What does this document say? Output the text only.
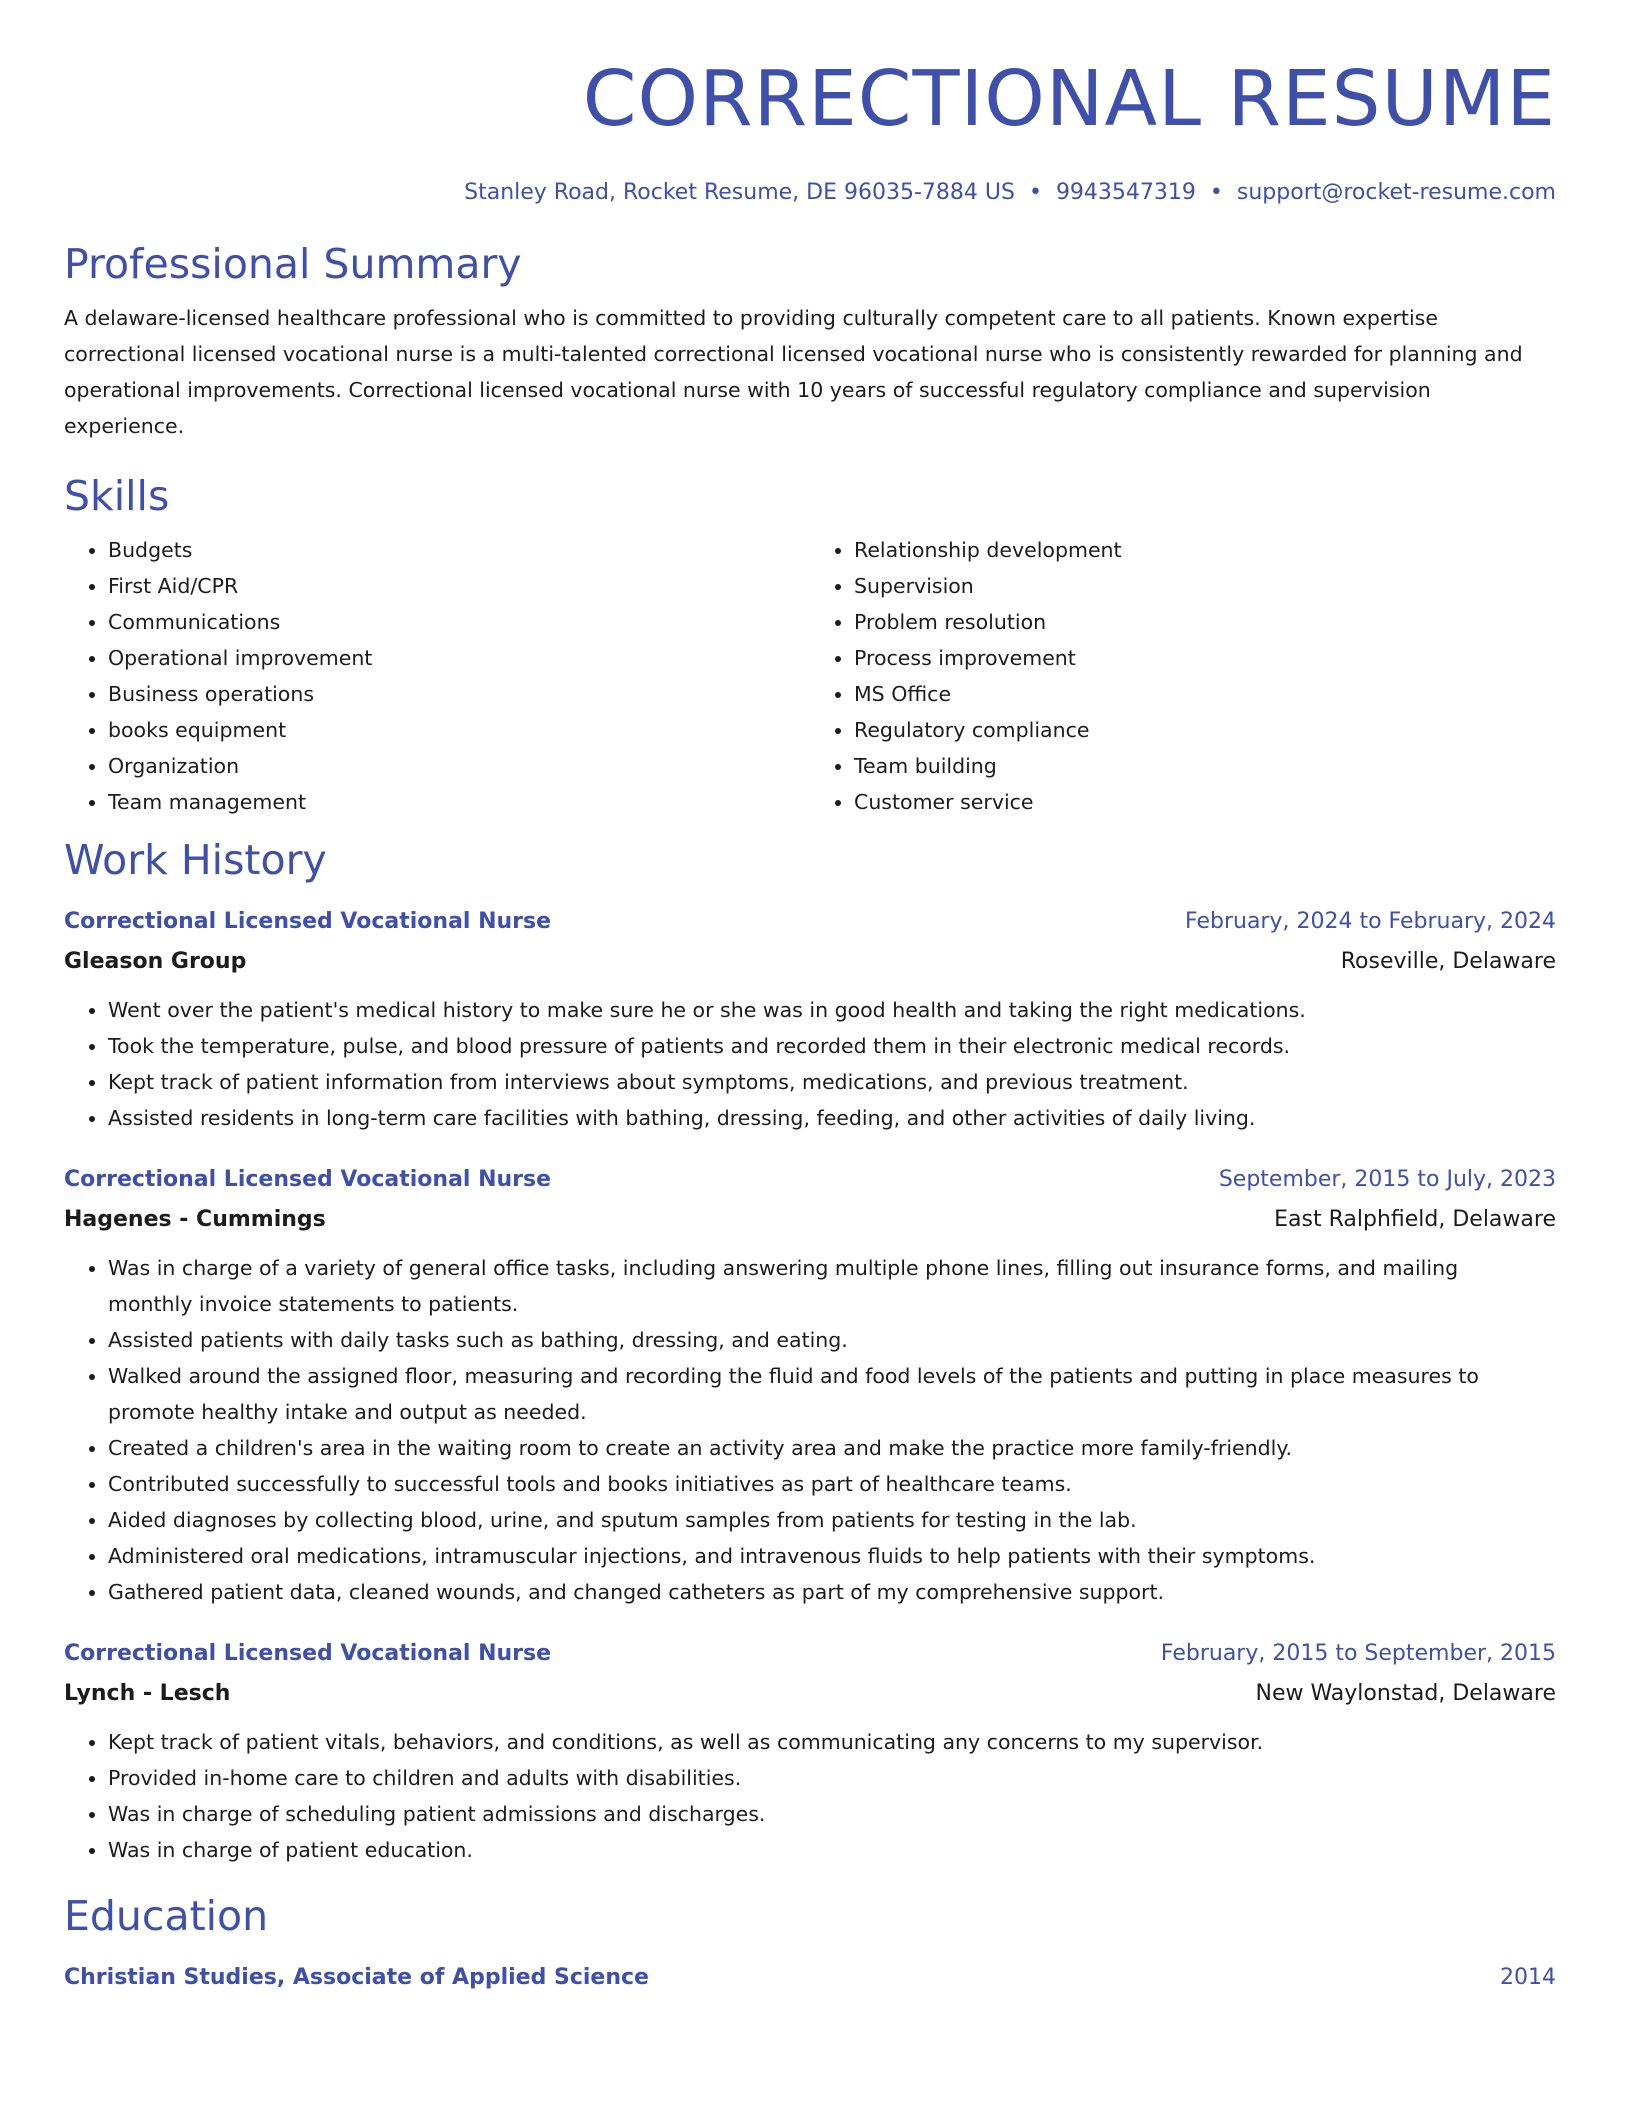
CORRECTIONAL RESUME
Stanley Road, Rocket Resume, DE 96035-7884 US • 9943547319 • support@rocket-resume.com
Professional Summary
A delaware-licensed healthcare professional who is committed to providing culturally competent care to all patients. Known expertise correctional licensed vocational nurse is a multi-talented correctional licensed vocational nurse who is consistently rewarded for planning and operational improvements. Correctional licensed vocational nurse with 10 years of successful regulatory compliance and supervision experience.
Skills
• Budgets
• First Aid/CPR
• Communications
• Operational improvement
• Business operations
• books equipment
• Organization
• Team management
• Relationship development
• Supervision
• Problem resolution
• Process improvement
• MS Office
• Regulatory compliance
• Team building
• Customer service
Work History
Correctional Licensed Vocational Nurse	February, 2024 to February, 2024
Gleason Group	Roseville, Delaware
• Went over the patient's medical history to make sure he or she was in good health and taking the right medications.
• Took the temperature, pulse, and blood pressure of patients and recorded them in their electronic medical records.
• Kept track of patient information from interviews about symptoms, medications, and previous treatment.
• Assisted residents in long-term care facilities with bathing, dressing, feeding, and other activities of daily living.
Correctional Licensed Vocational Nurse	September, 2015 to July, 2023
Hagenes - Cummings	East Ralphfield, Delaware
• Was in charge of a variety of general office tasks, including answering multiple phone lines, filling out insurance forms, and mailing monthly invoice statements to patients.
• Assisted patients with daily tasks such as bathing, dressing, and eating.
• Walked around the assigned floor, measuring and recording the fluid and food levels of the patients and putting in place measures to promote healthy intake and output as needed.
• Created a children's area in the waiting room to create an activity area and make the practice more family-friendly.
• Contributed successfully to successful tools and books initiatives as part of healthcare teams.
• Aided diagnoses by collecting blood, urine, and sputum samples from patients for testing in the lab.
• Administered oral medications, intramuscular injections, and intravenous fluids to help patients with their symptoms.
• Gathered patient data, cleaned wounds, and changed catheters as part of my comprehensive support.
Correctional Licensed Vocational Nurse	February, 2015 to September, 2015
Lynch - Lesch	New Waylonstad, Delaware
• Kept track of patient vitals, behaviors, and conditions, as well as communicating any concerns to my supervisor.
• Provided in-home care to children and adults with disabilities.
• Was in charge of scheduling patient admissions and discharges.
• Was in charge of patient education.
Education
Christian Studies, Associate of Applied Science	2014
